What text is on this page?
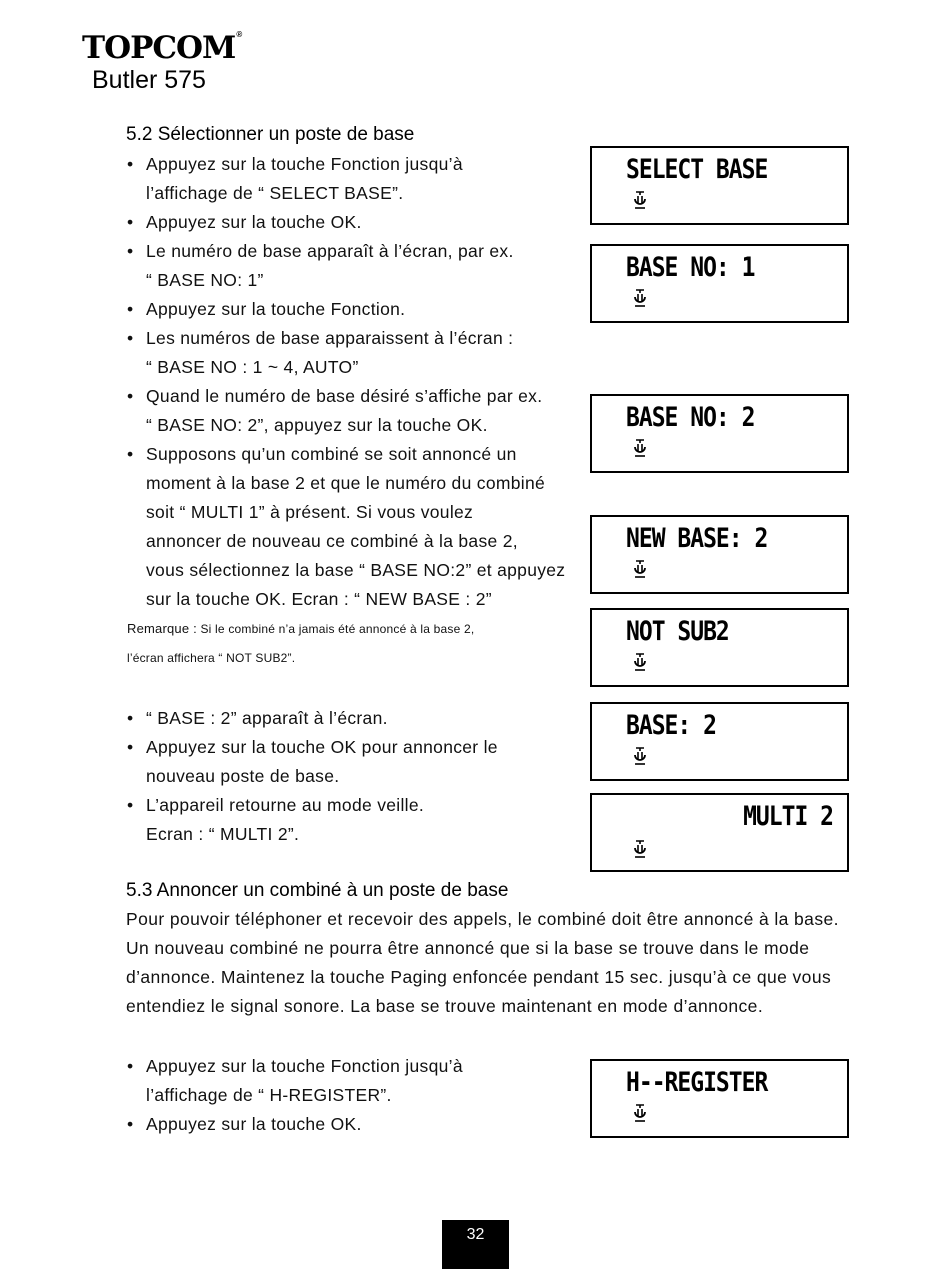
TOPCOM®
Butler 575
5.2 Sélectionner un poste de base
• Appuyez sur la touche Fonction jusqu’à
l’affichage de “ SELECT BASE”.
• Appuyez sur la touche OK.
• Le numéro de base apparaît à l’écran, par ex.
“ BASE NO: 1”
• Appuyez sur la touche Fonction.
• Les numéros de base apparaissent à l’écran :
“ BASE NO : 1 ~ 4, AUTO”
• Quand le numéro de base désiré s’affiche par ex.
“ BASE NO: 2”, appuyez sur la touche OK.
• Supposons qu’un combiné se soit annoncé un
moment à la base 2 et que le numéro du combiné
soit “ MULTI 1” à présent. Si vous voulez
annoncer de nouveau ce combiné à la base 2,
vous sélectionnez la base “ BASE NO:2” et appuyez
sur la touche OK. Ecran : “ NEW BASE : 2”
Remarque : Si le combiné n’a jamais été annoncé à la base 2,
l’écran affichera “ NOT SUB2”.
• “ BASE : 2” apparaît à l’écran.
• Appuyez sur la touche OK pour annoncer le
nouveau poste de base.
• L’appareil retourne au mode veille.
Ecran : “ MULTI 2”.
5.3 Annoncer un combiné à un poste de base
Pour pouvoir téléphoner et recevoir des appels, le combiné doit être annoncé à la base. Un nouveau combiné ne pourra être annoncé que si la base se trouve dans le mode d’annonce. Maintenez la touche Paging enfoncée pendant 15 sec. jusqu’à ce que vous entendiez le signal sonore. La base se trouve maintenant en mode d’annonce.
• Appuyez sur la touche Fonction jusqu’à
l’affichage de “ H-REGISTER”.
• Appuyez sur la touche OK.
SELECT BASE
BASE NO: 1
BASE NO: 2
NEW BASE: 2
NOT SUB2
BASE: 2
MULTI 2
H--REGISTER
32
